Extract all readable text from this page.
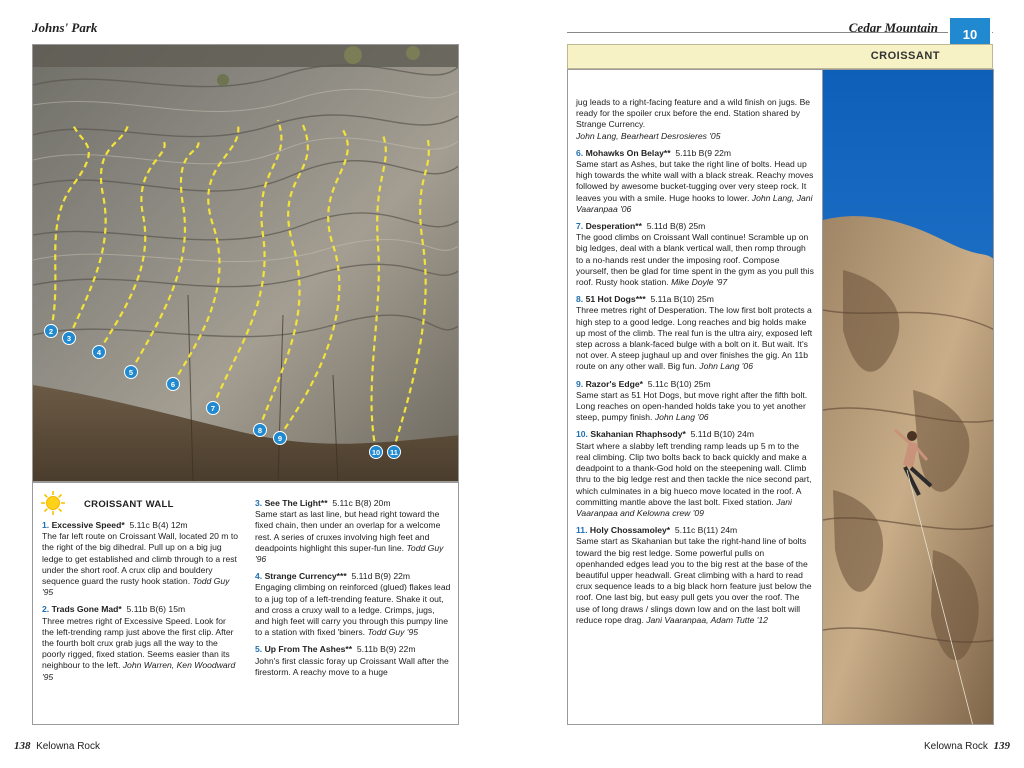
Johns' Park	Cedar Mountain	10
2
3
4
5
6
7
8
9
10	11
CROISSANT WALL

1. Excessive Speed* 5.11c B(4) 12m

The far left route on Croissant Wall, located 20 m to the right of the big dihedral. Pull up on a big jug ledge to get established and climb through to a rest under the short roof. A crux clip and bouldery sequence guard the rusty hook station. Todd Guy '95

2. Trads Gone Mad* 5.11b B(6) 15m

Three metres right of Excessive Speed. Look for the left-trending ramp just above the first clip. After the fourth bolt crux grab jugs all the way to the poorly rigged, fixed station. Seems easier than its neighbour to the left. John Warren, Ken Woodward '95

3. See The Light** 5.11c B(8) 20m

Same start as last line, but head right toward the fixed chain, then under an overlap for a welcome rest. A series of cruxes involving high feet and deadpoints highlight this super-fun line. Todd Guy '96

4. Strange Currency*** 5.11d B(9) 22m

Engaging climbing on reinforced (glued) flakes lead to a jug top of a left-trending feature. Shake it out, and cross a cruxy wall to a ledge. Crimps, jugs, and high feet will carry you through this pumpy line to a station with fixed 'biners. Todd Guy '95

5. Up From The Ashes** 5.11b B(9) 22m

John's first classic foray up Croissant Wall after the firestorm. A reachy move to a huge

CROISSANT

jug leads to a right-facing feature and a wild finish on jugs. Be ready for the spoiler crux before the end. Station shared by Strange Currency.

John Lang, Bearheart Desrosieres '05

6. Mohawks On Belay** 5.11b B(9 22m

Same start as Ashes, but take the right line of bolts. Head up high towards the white wall with a black streak. Reachy moves followed by awesome bucket-tugging over very steep rock. It leaves you with a smile. Huge hooks to lower. John Lang, Jani Vaaranpaa '06

7. Desperation** 5.11d B(8) 25m

The good climbs on Croissant Wall continue! Scramble up on big ledges, deal with a blank vertical wall, then romp through to a no-hands rest under the imposing roof. Compose yourself, then be glad for time spent in the gym as you pull this roof. Rusty hook station. Mike Doyle '97

8. 51 Hot Dogs*** 5.11a B(10) 25m

Three metres right of Desperation. The low first bolt protects a high step to a good ledge. Long reaches and big holds make up most of the climb. The real fun is the ultra airy, exposed left step across a blank-faced bulge with a bolt on it. But wait. It's not over. A steep jughaul up and over finishes the gig. An 11b route on any other wall. Big fun. John Lang '06

9. Razor's Edge* 5.11c B(10) 25m

Same start as 51 Hot Dogs, but move right after the fifth bolt. Long reaches on open-handed holds take you to yet another steep, pumpy finish. John Lang '06

10. Skahanian Rhaphsody* 5.11d B(10) 24m

Start where a slabby left trending ramp leads up 5 m to the real climbing. Clip two bolts back to back quickly and make a deadpoint to a thank-God hold on the steepening wall. Climb thru to the big ledge rest and then tackle the nice second part, which culminates in a big hueco move located in the roof. A committing mantle above the last bolt. Fixed station. Jani Vaaranpaa and Kelowna crew '09

11. Holy Chossamoley* 5.11c B(11) 24m

Same start as Skahanian but take the right-hand line of bolts toward the big rest ledge. Some powerful pulls on openhanded edges lead you to the big rest at the base of the beautiful upper headwall. Great climbing with a hard to read crux sequence leads to a big black horn feature just below the roof. One last big, but easy pull gets you over the roof. The use of long draws / slings down low and on the last bolt will reduce rope drag. Jani Vaaranpaa, Adam Tutte '12

138 Kelowna Rock	Kelowna Rock 139
